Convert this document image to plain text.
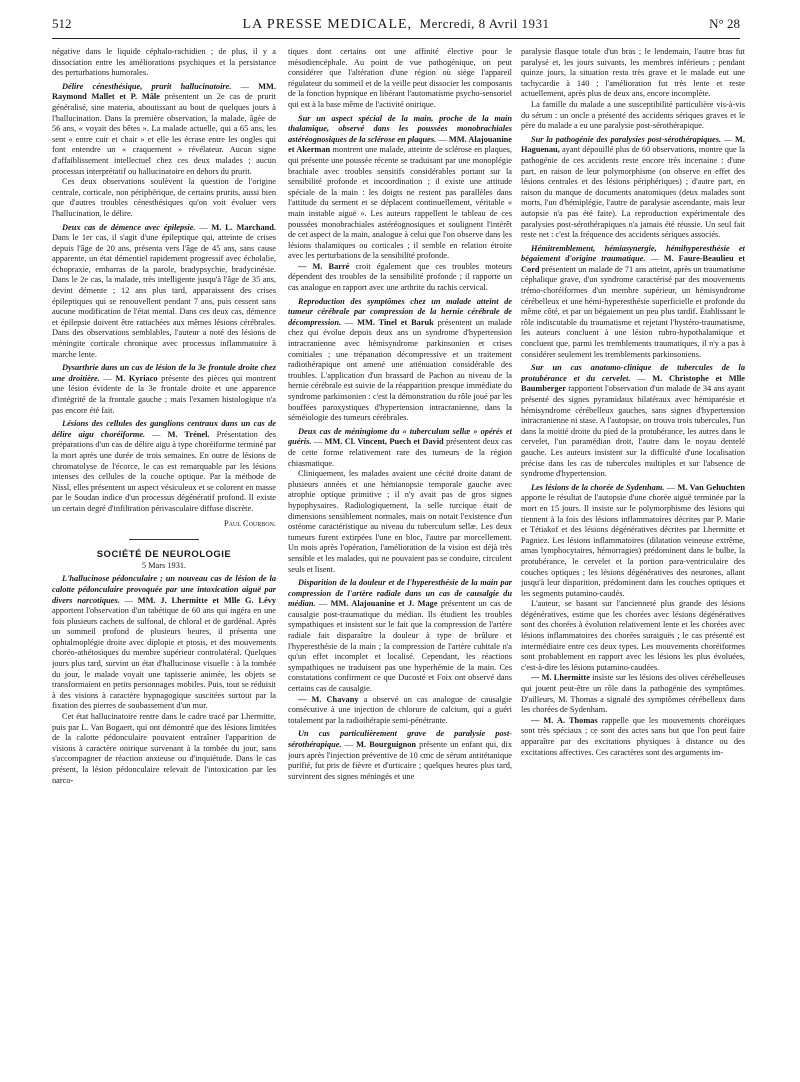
512	LA PRESSE MEDICALE, Mercredi, 8 Avril 1931	N° 28

négative dans le liquide céphalo-rachidien ; de plus, il y a dissociation entre les améliorations psychiques et la persistance des perturbations humorales.

Délire cénesthésique, prurit hallucinatoire. — MM. Raymond Mallet et P. Mâle présentent un 2e cas de prurit généralisé, sine materia, aboutissant au bout de quelques jours à l'hallucination. Dans la première observation, la malade, âgée de 56 ans, « voyait des bêtes ». La malade actuelle, qui a 65 ans, les sent « entre cuir et chair » et elle les écrase entre les ongles qui font entendre un « craquement » révélateur. Aucun signe d'affaiblissement intellectuel chez ces deux malades ; aucun processus interprétatif ou hallucinatoire en dehors du prurit.

Ces deux observations soulèvent la question de l'origine centrale, corticale, non périphérique, de certains prurits, aussi bien que d'autres troubles cénesthésiques qu'on voit évoluer vers l'hallucination, le délire.

Deux cas de démence avec épilepsie. — M. L. Marchand. Dans le 1er cas, il s'agit d'une épileptique qui, atteinte de crises depuis l'âge de 20 ans, présenta vers l'âge de 45 ans, sans cause apparente, un état démentiel rapidement progressif avec écholalie, échopraxie, embarras de la parole, bradypsychie, bradycinésie. Dans le 2e cas, la malade, très intelligente jusqu'à l'âge de 35 ans, devint démente ; 12 ans plus tard, apparaissent des crises épileptiques qui se renouvellent pendant 7 ans, puis cessent sans aucune modification de l'état mental. Dans ces deux cas, démence et épilepsie doivent être rattachées aux mêmes lésions cérébrales. Dans des observations semblables, l'auteur a noté des lésions de méningite corticale chronique avec processus inflammatoire à marche lente.

Dysarthrie dans un cas de lésion de la 3e frontale droite chez une droitière. — M. Kyriaco présente des pièces qui montrent une lésion évidente de la 3e frontale droite et une apparence d'intégrité de la frontale gauche ; mais l'examen histologique n'a pas encore été fait.

Lésions des cellules des ganglions centraux dans un cas de délire aigu choréiforme. — M. Trénel. Présentation des préparations d'un cas de délire aigu à type choréiforme terminé par la mort après une durée de trois semaines. En outre de lésions de chromatolyse de l'écorce, le cas est remarquable par les lésions intenses des cellules de la couche optique. Par la méthode de Nissl, elles présentent un aspect vésiculeux et se colorent en masse par le Soudan indice d'un processus dégénératif profond. Il existe un certain degré d'infiltration périvasculaire diffuse discrète.

Paul Courbon.

SOCIÉTÉ DE NEUROLOGIE

5 Mars 1931.

L'hallucinose pédonculaire ; un nouveau cas de lésion de la calotte pédonculaire provoquée par une intoxication aiguë par divers narcotiques. — MM. J. Lhermitte et Mlle G. Lévy apportent l'observation d'un tabétique de 60 ans qui ingéra en une fois plusieurs cachets de sulfonal, de chloral et de gardénal. Après un sommeil profond de plusieurs heures, il présenta une ophtalmoplégie droite avec diplopie et ptosis, et des mouvements choréo-athétosiques du membre supérieur controlatéral. Quelques jours plus tard, survint un état d'hallucinose visuelle : à la tombée du jour, le malade voyait une tapisserie animée, les objets se transformaient en petits personnages mobiles. Puis, tout se réduisit à des visions à caractère hypnagogique suscitées surtout par la fixation des pierres de soubassement d'un mur.

Cet état hallucinatoire rentre dans le cadre tracé par Lhermitte, puis par L. Van Bogaert, qui ont démontré que des lésions limitées de la calotte pédonculaire pouvaient entraîner l'apparition de visions à caractère onirique survenant à la tombée du jour, sans s'accompagner de réaction anxieuse ou d'inquiétude. Dans le cas présent, la lésion pédonculaire relevait de l'intoxication par les narco-

tiques dont certains ont une affinité élective pour le mésodiencéphale. Au point de vue pathogénique, on peut considérer que l'altération d'une région où siège l'appareil régulateur du sommeil et de la veille peut dissocier les composants de la fonction hypnique en libérant l'automatisme psycho-sensoriel qui est à la base même de l'activité onirique.

Sur un aspect spécial de la main, proche de la main thalamique, observé dans les poussées monobrachiales astéréognosiques de la sclérose en plaques. — MM. Alajouanine et Akerman montrent une malade, atteinte de sclérose en plaques, qui présente une poussée récente se traduisant par une monoplégie brachiale avec troubles sensitifs considérables portant sur la sensibilité profonde et incoordination ; il existe une attitude spéciale de la main : les doigts ne restent pas parallèles dans l'attitude du serment et se déplacent continuellement, véritable « main instable aiguë ». Les auteurs rappellent le tableau de ces poussées monobrachiales astéréognosiques et soulignent l'intérêt de cet aspect de la main, analogue à celui que l'on observe dans les lésions thalamiques ou corticales ; il semble en relation étroite avec les perturbations de la sensibilité profonde.

— M. Barré croit également que ces troubles moteurs dépendent des troubles de la sensibilité profonde ; il rapporte un cas analogue en rapport avec une arthrite du rachis cervical.

Reproduction des symptômes chez un malade atteint de tumeur cérébrale par compression de la hernie cérébrale de décompression. — MM. Tinel et Baruk présentent un malade chez qui évolue depuis deux ans un syndrome d'hypertension intracranienne avec hémisyndrome parkinsonien et crises comitiales ; une trépanation décompressive et un traitement radiothérapique ont amené une atténuation considérable des troubles. L'application d'un brassard de Pachon au niveau de la hernie cérébrale est suivie de la réapparition presque immédiate du syndrome parkinsonien : c'est la démonstration du rôle joué par les bouffées paroxystiques d'hypertension intracranienne, dans la séméiologie des tumeurs cérébrales.

Deux cas de méningiome du « tuberculum sellæ » opérés et guéris. — MM. Cl. Vincent, Puech et David présentent deux cas de cette forme relativement rare des tumeurs de la région chiasmatique.

Cliniquement, les malades avaient une cécité droite datant de plusieurs années et une hémianopsie temporale gauche avec atrophie optique primitive ; il n'y avait pas de gros signes hypophysaires. Radiologiquement, la selle turcique était de dimensions sensiblement normales, mais on notait l'existence d'un ostéome caractéristique au niveau du tuberculum sellæ. Les deux tumeurs furent extirpées l'une en bloc, l'autre par morcellement. Un mois après l'opération, l'amélioration de la vision est déjà très sensible et les malades, qui ne pouvaient pas se conduire, circulent seuls et lisent.

Disparition de la douleur et de l'hyperesthésie de la main par compression de l'artère radiale dans un cas de causalgie du médian. — MM. Alajouanine et J. Mage présentent un cas de causalgie post-traumatique du médian. Ils étudient les troubles sympathiques et insistent sur le fait que la compression de l'artère radiale fait disparaître la douleur à type de brûlure et l'hyperesthésie de la main ; la compression de l'artère cubitale n'a qu'un effet incomplet et localisé. Cependant, les réactions sympathiques ne traduisent pas une hyperhémie de la main. Ces constatations confirment ce que Ducosté et Foix ont observé dans certains cas de causalgie.

— M. Chavany a observé un cas analogue de causalgie consécutive à une injection de chlorure de calcium, qui a guéri totalement par la radiothérapie semi-pénétrante.

Un cas particulièrement grave de paralysie post-sérothérapique. — M. Bourguignon présente un enfant qui, dix jours après l'injection préventive de 10 cmc de sérum antitétanique purifié, fut pris de fièvre et d'urticaire ; quelques heures plus tard, survinrent des signes méningés et une

paralysie flasque totale d'un bras ; le lendemain, l'autre bras fut paralysé et, les jours suivants, les membres inférieurs ; pendant quinze jours, la situation resta très grave et le malade eut une tachycardie à 140 ; l'amélioration fut très lente et reste actuellement, après plus de deux ans, encore incomplète.

La famille du malade a une susceptibilité particulière vis-à-vis du sérum : un oncle a présenté des accidents sériques graves et le père du malade a eu une paralysie post-sérothérapique.

Sur la pathogénie des paralysies post-sérothérapiques. — M. Haguenau, ayant dépouillé plus de 60 observations, montre que la pathogénie de ces accidents reste encore très incertaine : d'une part, en raison de leur polymorphisme (on observe en effet des lésions centrales et des lésions périphériques) ; d'autre part, en raison du manque de documents anatomiques (deux malades sont morts, l'un d'hémiplégie, l'autre de paralysie ascendante, mais leur autopsie n'a pas été faite). La reproduction expérimentale des paralysies post-sérothérapiques n'a jamais été réussie. Un seul fait reste net : c'est la fréquence des accidents sériques associés.

Hémitremblement, hémiasynergie, hémihyperesthésie et bégaiement d'origine traumatique. — M. Faure-Beaulieu et Cord présentent un malade de 71 ans atteint, après un traumatisme céphalique grave, d'un syndrome caractérisé par des mouvements trémo-choréiformes d'un membre supérieur, un hémisyndrome cérébelleux et une hémi-hyperesthésie superficielle et profonde du même côté, et par un bégaiement un peu plus tardif. Établissant le rôle indiscutable du traumatisme et rejetant l'hystéro-traumatisme, les auteurs concluent à une lésion rubro-hypothalamique et concluent que, parmi les tremblements traumatiques, il n'y a pas à considérer seulement les tremblements parkinsoniens.

Sur un cas anatomo-clinique de tubercules de la protubérance et du cervelet. — M. Christophe et Mlle Baumberger rapportent l'observation d'un malade de 34 ans ayant présenté des signes pyramidaux bilatéraux avec hémiparésie et hémisyndrome cérébelleux gauches, sans signes d'hypertension intracranienne ni stase. A l'autopsie, on trouva trois tubercules, l'un dans la moitié droite du pied de la protubérance, les autres dans le cervelet, l'un paramédian droit, l'autre dans le noyau dentelé gauche. Les auteurs insistent sur la difficulté d'une localisation précise dans les cas de tubercules multiples et sur l'absence de syndrome d'hypertension.

Les lésions de la chorée de Sydenham. — M. Van Gehuchten apporte le résultat de l'autopsie d'une chorée aiguë terminée par la mort en 15 jours. Il insiste sur le polymorphisme des lésions qui tiennent à la fois des lésions inflammatoires décrites par P. Marie et Tétiakof et des lésions dégénératives décrites par Lhermitte et Pagniez. Les lésions inflammatoires (dilatation veineuse extrême, amas lymphocytaires, hémorragies) prédominent dans le bulbe, la protubérance, le cervelet et la portion para-ventriculaire des couches optiques ; les lésions dégénératives des neurones, allant jusqu'à leur disparition, prédominent dans les couches optiques et les segments putamino-caudés.

L'auteur, se basant sur l'ancienneté plus grande des lésions dégénératives, estime que les chorées avec lésions dégénératives sont des chorées à évolution relativement lente et les chorées avec lésions inflammatoires des chorées suraiguës ; le cas présenté est intermédiaire entre ces deux types. Les mouvements choréiformes sont probablement en rapport avec les lésions les plus évoluées, c'est-à-dire les lésions putamino-caudées.

— M. Lhermitte insiste sur les lésions des olives cérébelleuses qui jouent peut-être un rôle dans la pathogénie des symptômes. D'ailleurs, M. Thomas a signalé des symptômes cérébelleux dans les chorées de Sydenham.

— M. A. Thomas rappelle que les mouvements choréiques sont très spéciaux ; ce sont des actes sans but que l'on peut faire apparaître par des excitations physiques à distance ou des excitations affectives. Ces caractères sont des arguments im-
